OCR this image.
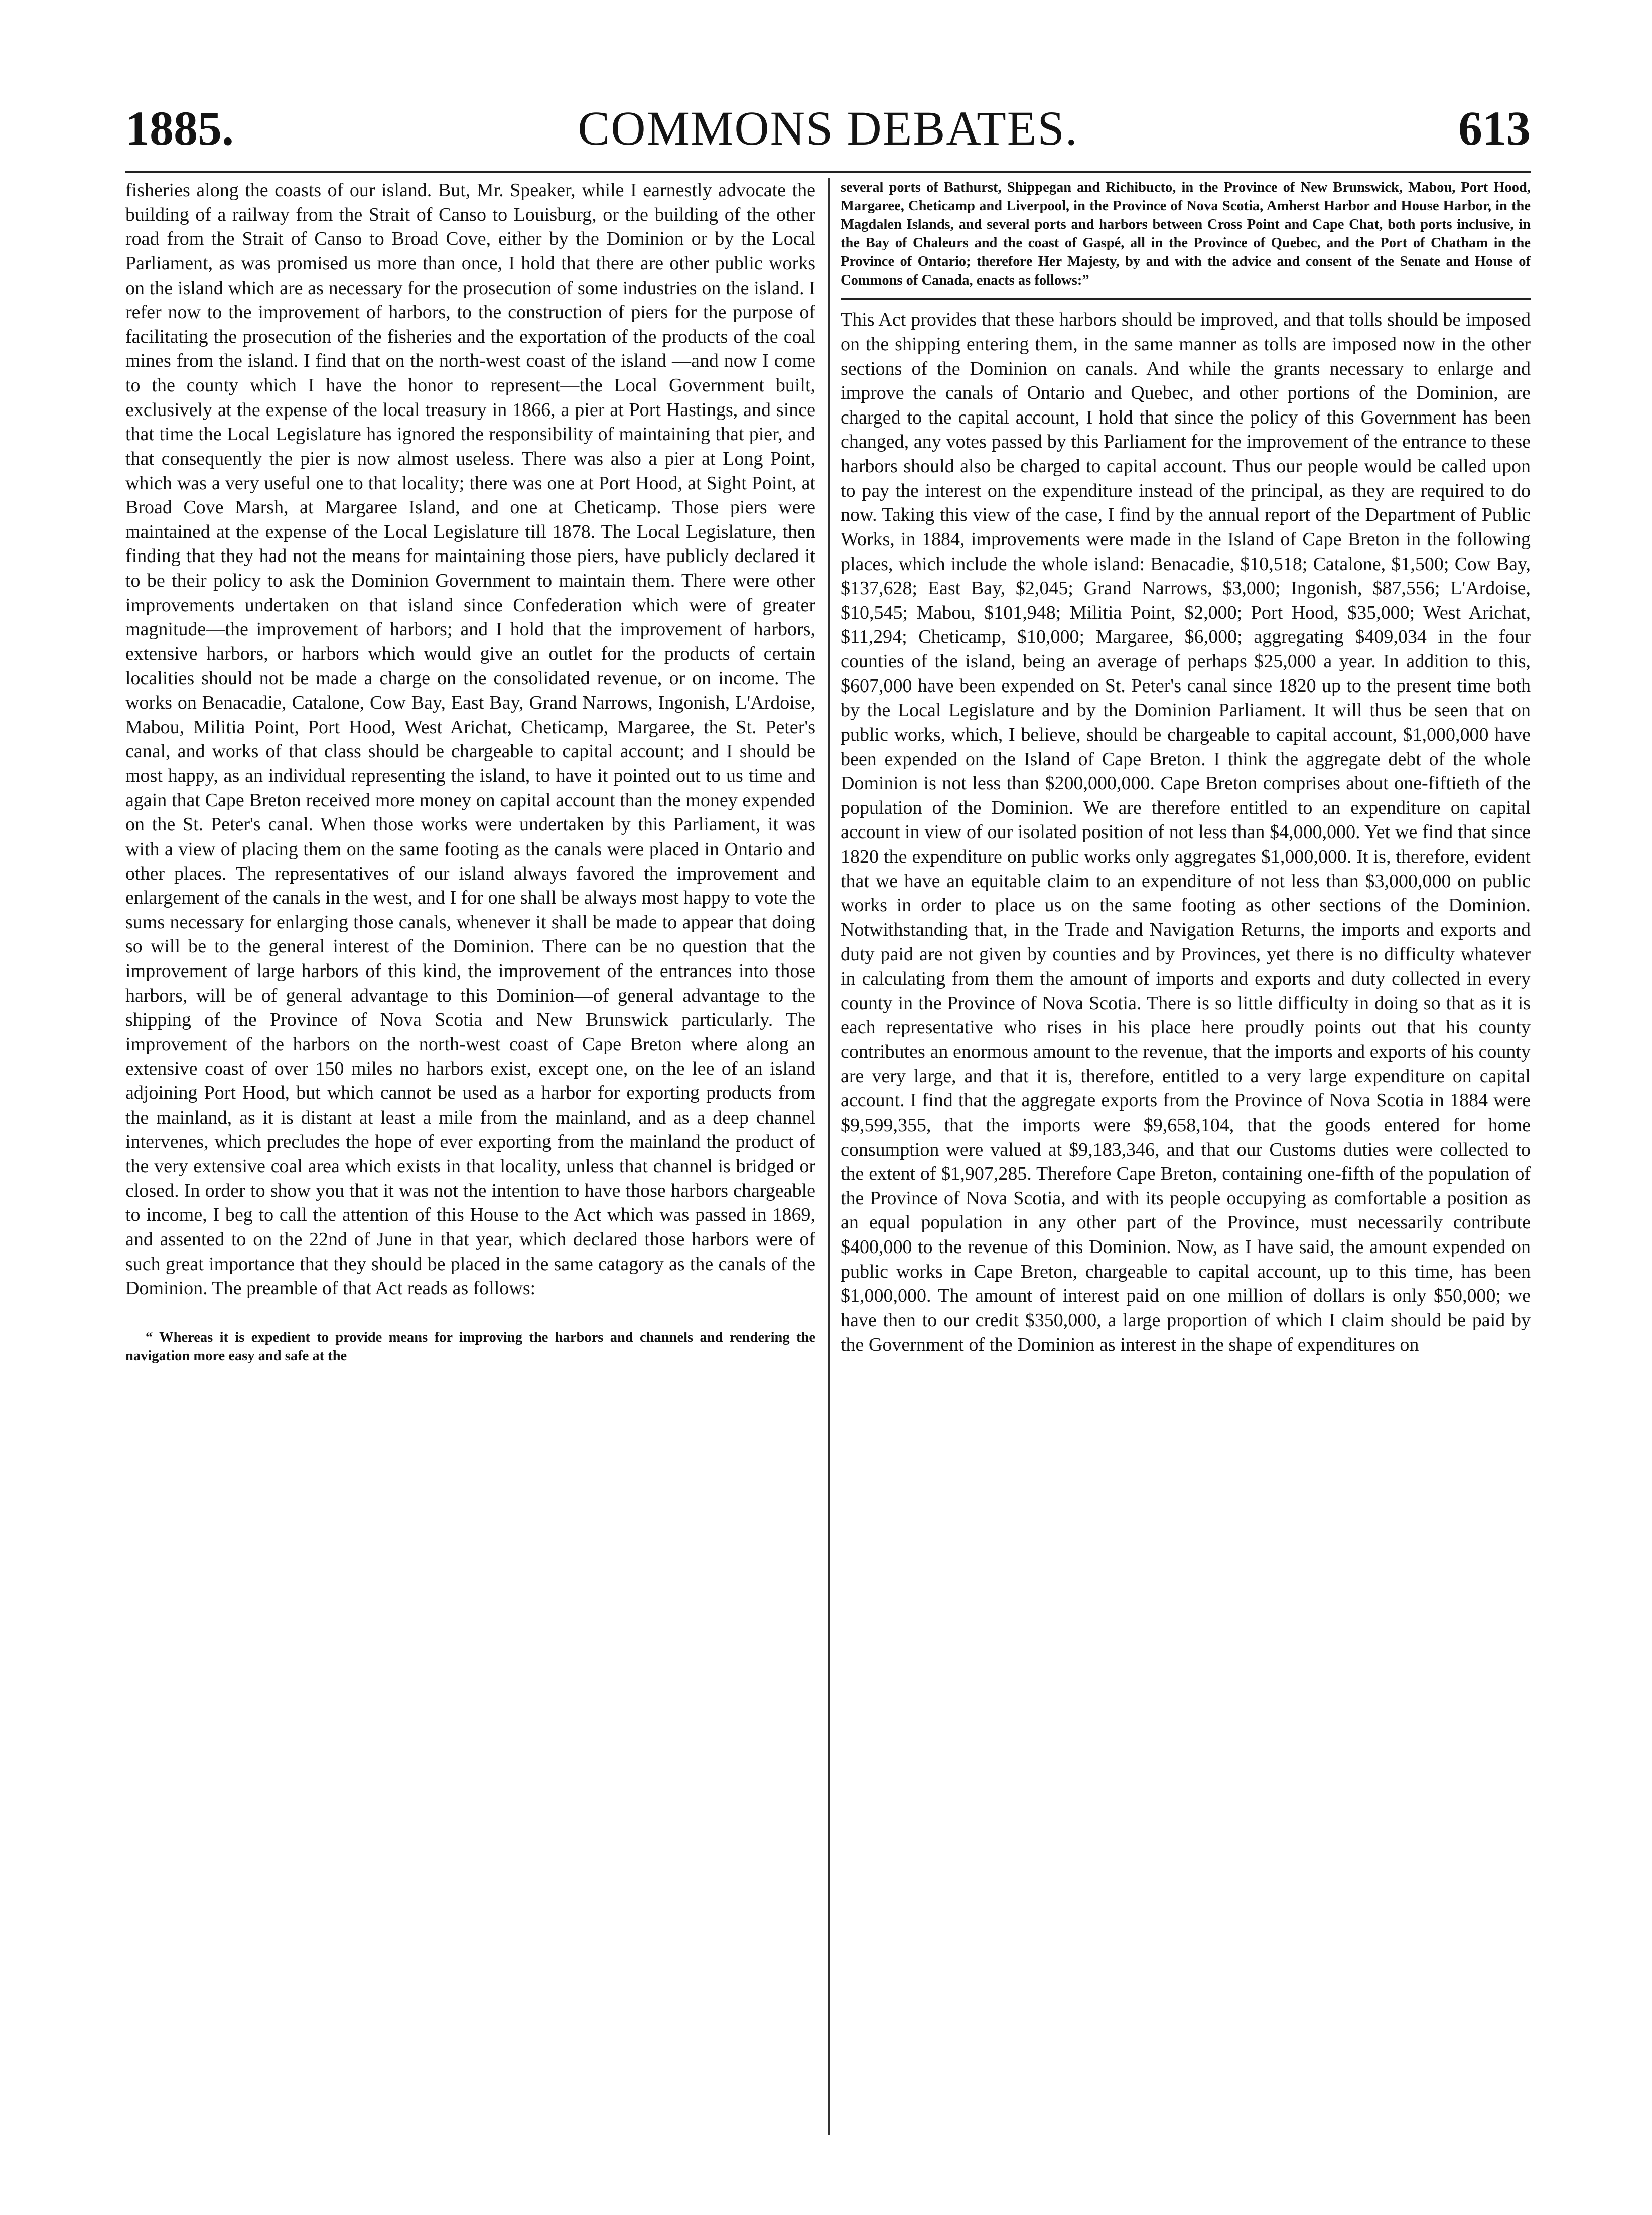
COMMONS DEBATES.
1885.	613

fisheries along the coasts of our island. But, Mr. Speaker, while I earnestly advocate the building of a railway from the Strait of Canso to Louisburg, or the building of the other road from the Strait of Canso to Broad Cove, either by the Dominion or by the Local Parliament, as was promised us more than once, I hold that there are other public works on the island which are as necessary for the prosecution of some industries on the island. I refer now to the improvement of harbors, to the construction of piers for the purpose of facilitating the prosecution of the fisheries and the exportation of the products of the coal mines from the island. I find that on the north-west coast of the island —and now I come to the county which I have the honor to represent—the Local Government built, exclusively at the expense of the local treasury in 1866, a pier at Port Hastings, and since that time the Local Legislature has ignored the responsibility of maintaining that pier, and that consequently the pier is now almost useless. There was also a pier at Long Point, which was a very useful one to that locality; there was one at Port Hood, at Sight Point, at Broad Cove Marsh, at Margaree Island, and one at Cheticamp. Those piers were maintained at the expense of the Local Legislature till 1878. The Local Legislature, then finding that they had not the means for maintaining those piers, have publicly declared it to be their policy to ask the Dominion Government to maintain them. There were other improvements undertaken on that island since Confederation which were of greater magnitude—the improvement of harbors; and I hold that the improvement of harbors, extensive harbors, or harbors which would give an outlet for the products of certain localities should not be made a charge on the consolidated revenue, or on income. The works on Benacadie, Catalone, Cow Bay, East Bay, Grand Narrows, Ingonish, L'Ardoise, Mabou, Militia Point, Port Hood, West Arichat, Cheticamp, Margaree, the St. Peter's canal, and works of that class should be chargeable to capital account; and I should be most happy, as an individual representing the island, to have it pointed out to us time and again that Cape Breton received more money on capital account than the money expended on the St. Peter's canal. When those works were undertaken by this Parliament, it was with a view of placing them on the same footing as the canals were placed in Ontario and other places. The representatives of our island always favored the improvement and enlargement of the canals in the west, and I for one shall be always most happy to vote the sums necessary for enlarging those canals, whenever it shall be made to appear that doing so will be to the general interest of the Dominion. There can be no question that the improvement of large harbors of this kind, the improvement of the entrances into those harbors, will be of general advantage to this Dominion—of general advantage to the shipping of the Province of Nova Scotia and New Brunswick particularly. The improvement of the harbors on the north-west coast of Cape Breton where along an extensive coast of over 150 miles no harbors exist, except one, on the lee of an island adjoining Port Hood, but which cannot be used as a harbor for exporting products from the mainland, as it is distant at least a mile from the mainland, and as a deep channel intervenes, which precludes the hope of ever exporting from the mainland the product of the very extensive coal area which exists in that locality, unless that channel is bridged or closed. In order to show you that it was not the intention to have those harbors chargeable to income, I beg to call the attention of this House to the Act which was passed in 1869, and assented to on the 22nd of June in that year, which declared those harbors were of such great importance that they should be placed in the same catagory as the canals of the Dominion. The preamble of that Act reads as follows:

“ Whereas it is expedient to provide means for improving the harbors and channels and rendering the navigation more easy and safe at the

several ports of Bathurst, Shippegan and Richibucto, in the Province of New Brunswick, Mabou, Port Hood, Margaree, Cheticamp and Liverpool, in the Province of Nova Scotia, Amherst Harbor and House Harbor, in the Magdalen Islands, and several ports and harbors between Cross Point and Cape Chat, both ports inclusive, in the Bay of Chaleurs and the coast of Gaspé, all in the Province of Quebec, and the Port of Chatham in the Province of Ontario; therefore Her Majesty, by and with the advice and consent of the Senate and House of Commons of Canada, enacts as follows:”

This Act provides that these harbors should be improved, and that tolls should be imposed on the shipping entering them, in the same manner as tolls are imposed now in the other sections of the Dominion on canals. And while the grants necessary to enlarge and improve the canals of Ontario and Quebec, and other portions of the Dominion, are charged to the capital account, I hold that since the policy of this Government has been changed, any votes passed by this Parliament for the improvement of the entrance to these harbors should also be charged to capital account. Thus our people would be called upon to pay the interest on the expenditure instead of the principal, as they are required to do now. Taking this view of the case, I find by the annual report of the Department of Public Works, in 1884, improvements were made in the Island of Cape Breton in the following places, which include the whole island: Benacadie, $10,518; Catalone, $1,500; Cow Bay, $137,628; East Bay, $2,045; Grand Narrows, $3,000; Ingonish, $87,556; L'Ardoise, $10,545; Mabou, $101,948; Militia Point, $2,000; Port Hood, $35,000; West Arichat, $11,294; Cheticamp, $10,000; Margaree, $6,000; aggregating $409,034 in the four counties of the island, being an average of perhaps $25,000 a year. In addition to this, $607,000 have been expended on St. Peter's canal since 1820 up to the present time both by the Local Legislature and by the Dominion Parliament. It will thus be seen that on public works, which, I believe, should be chargeable to capital account, $1,000,000 have been expended on the Island of Cape Breton. I think the aggregate debt of the whole Dominion is not less than $200,000,000. Cape Breton comprises about one-fiftieth of the population of the Dominion. We are therefore entitled to an expenditure on capital account in view of our isolated position of not less than $4,000,000. Yet we find that since 1820 the expenditure on public works only aggregates $1,000,000. It is, therefore, evident that we have an equitable claim to an expenditure of not less than $3,000,000 on public works in order to place us on the same footing as other sections of the Dominion. Notwithstanding that, in the Trade and Navigation Returns, the imports and exports and duty paid are not given by counties and by Provinces, yet there is no difficulty whatever in calculating from them the amount of imports and exports and duty collected in every county in the Province of Nova Scotia. There is so little difficulty in doing so that as it is each representative who rises in his place here proudly points out that his county contributes an enormous amount to the revenue, that the imports and exports of his county are very large, and that it is, therefore, entitled to a very large expenditure on capital account. I find that the aggregate exports from the Province of Nova Scotia in 1884 were $9,599,355, that the imports were $9,658,104, that the goods entered for home consumption were valued at $9,183,346, and that our Customs duties were collected to the extent of $1,907,285. Therefore Cape Breton, containing one-fifth of the population of the Province of Nova Scotia, and with its people occupying as comfortable a position as an equal population in any other part of the Province, must necessarily contribute $400,000 to the revenue of this Dominion. Now, as I have said, the amount expended on public works in Cape Breton, chargeable to capital account, up to this time, has been $1,000,000. The amount of interest paid on one million of dollars is only $50,000; we have then to our credit $350,000, a large proportion of which I claim should be paid by the Government of the Dominion as interest in the shape of expenditures on
